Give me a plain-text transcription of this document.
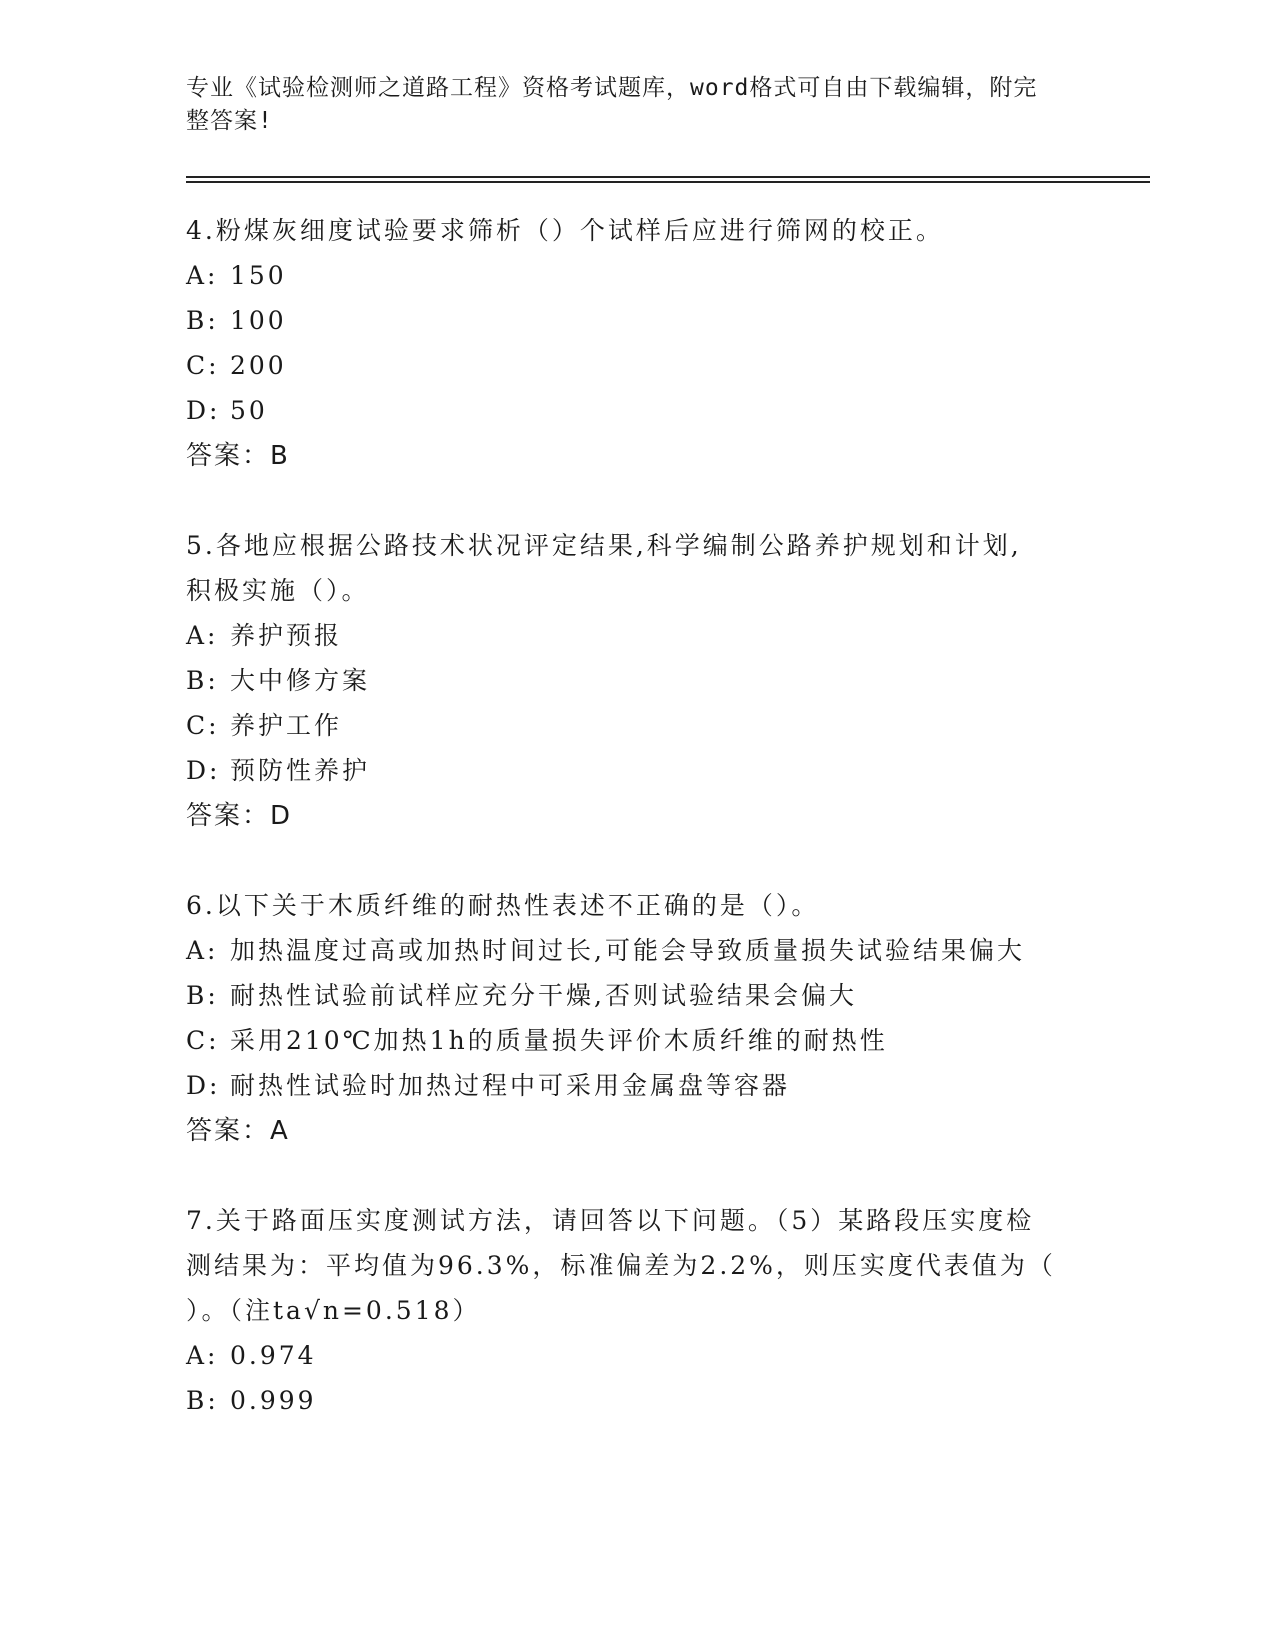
专业《试验检测师之道路工程》资格考试题库，word格式可自由下载编辑，附完
整答案!
4.粉煤灰细度试验要求筛析（）个试样后应进行筛网的校正。
A: 150
B: 100
C: 200
D: 50
答案：B
5.各地应根据公路技术状况评定结果,科学编制公路养护规划和计划,
积极实施（）。
A: 养护预报
B: 大中修方案
C: 养护工作
D: 预防性养护
答案：D
6.以下关于木质纤维的耐热性表述不正确的是（）。
A: 加热温度过高或加热时间过长,可能会导致质量损失试验结果偏大
B: 耐热性试验前试样应充分干燥,否则试验结果会偏大
C: 采用210℃加热1h的质量损失评价木质纤维的耐热性
D: 耐热性试验时加热过程中可采用金属盘等容器
答案：A
7.关于路面压实度测试方法，请回答以下问题。（5）某路段压实度检
测结果为：平均值为96.3%，标准偏差为2.2%，则压实度代表值为（
）。（注ta√n=0.518）
A: 0.974
B: 0.999
